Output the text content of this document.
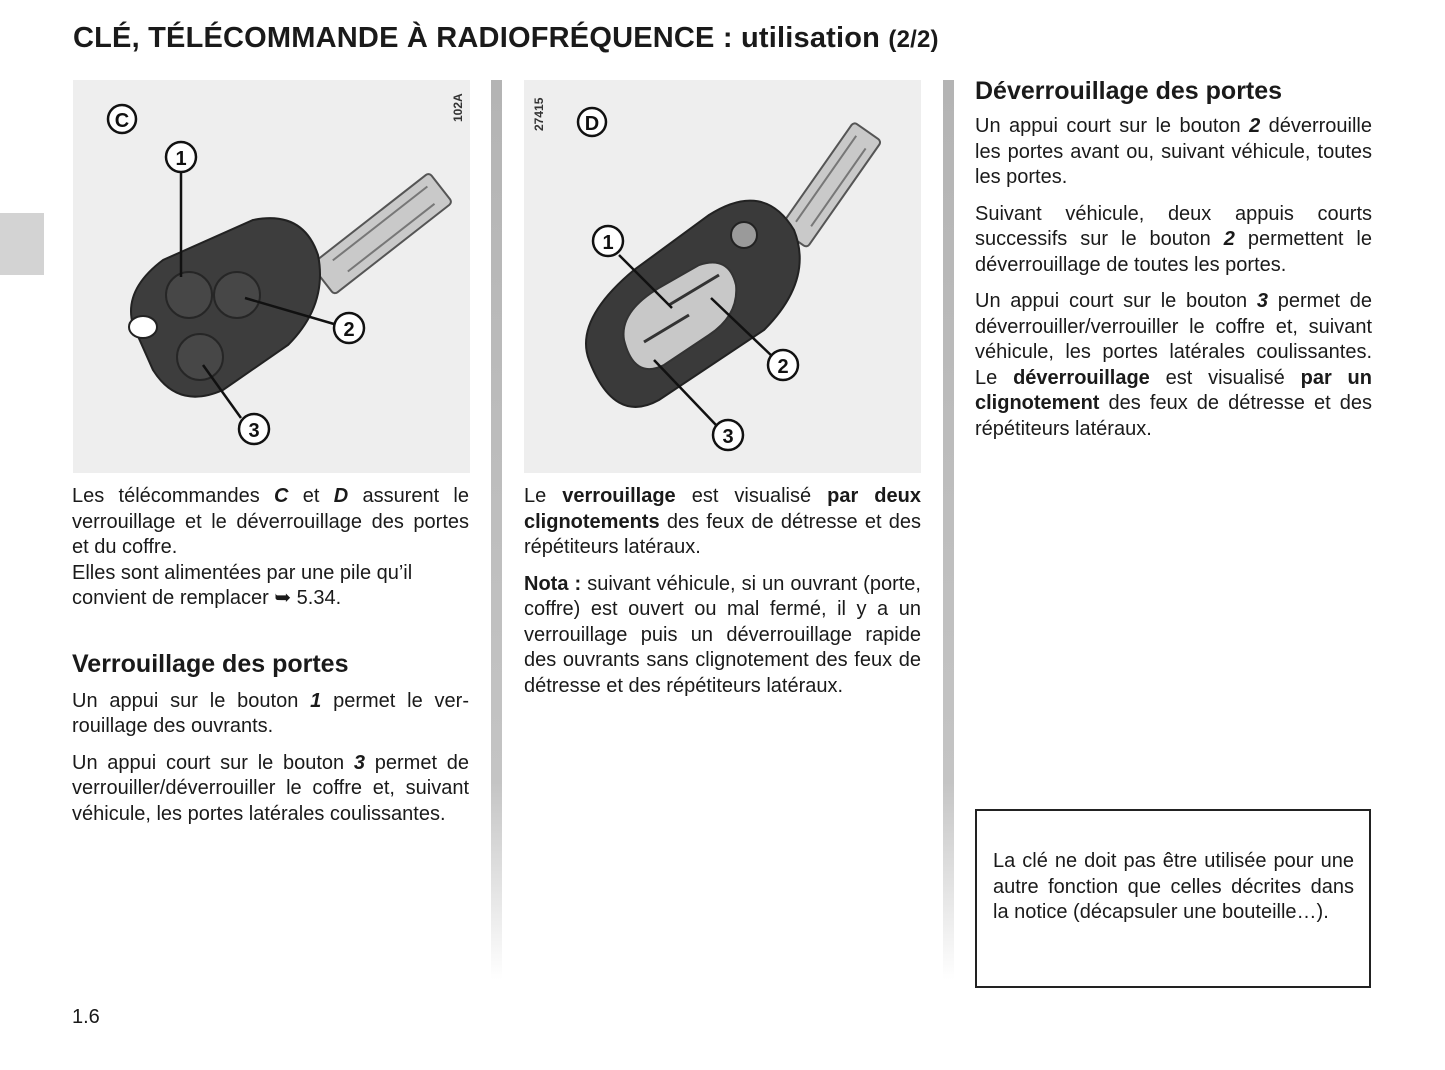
CLÉ, TÉLÉCOMMANDE À RADIOFRÉQUENCE : utilisation (2/2)
C
1
2
3
102A
D
1
2
3
27415

Les télécommandes C et D assurent le verrouillage et le déverrouillage des portes et du coffre.

Elles sont alimentées par une pile qu’il convient de remplacer ➥ 5.34.

Verrouillage des portes

Un appui sur le bouton 1 permet le verrouillage des ouvrants.

Un appui court sur le bouton 3 permet de verrouiller/déverrouiller le coffre et, suivant véhicule, les portes latérales coulissantes.

Le verrouillage est visualisé par deux clignotements des feux de détresse et des répétiteurs latéraux.

Nota : suivant véhicule, si un ouvrant (porte, coffre) est ouvert ou mal fermé, il y a un verrouillage puis un déverrouillage rapide des ouvrants sans clignotement des feux de détresse et des répétiteurs latéraux.

Déverrouillage des portes

Un appui court sur le bouton 2 déverrouille les portes avant ou, suivant véhicule, toutes les portes.

Suivant véhicule, deux appuis courts successifs sur le bouton 2 permettent le déverrouillage de toutes les portes.

Un appui court sur le bouton 3 permet de déverrouiller/verrouiller le coffre et, suivant véhicule, les portes latérales coulissantes. Le déverrouillage est visualisé par un clignotement des feux de détresse et des répétiteurs latéraux.

La clé ne doit pas être utilisée pour une autre fonction que celles décrites dans la notice (décapsuler une bouteille…).
1.6
